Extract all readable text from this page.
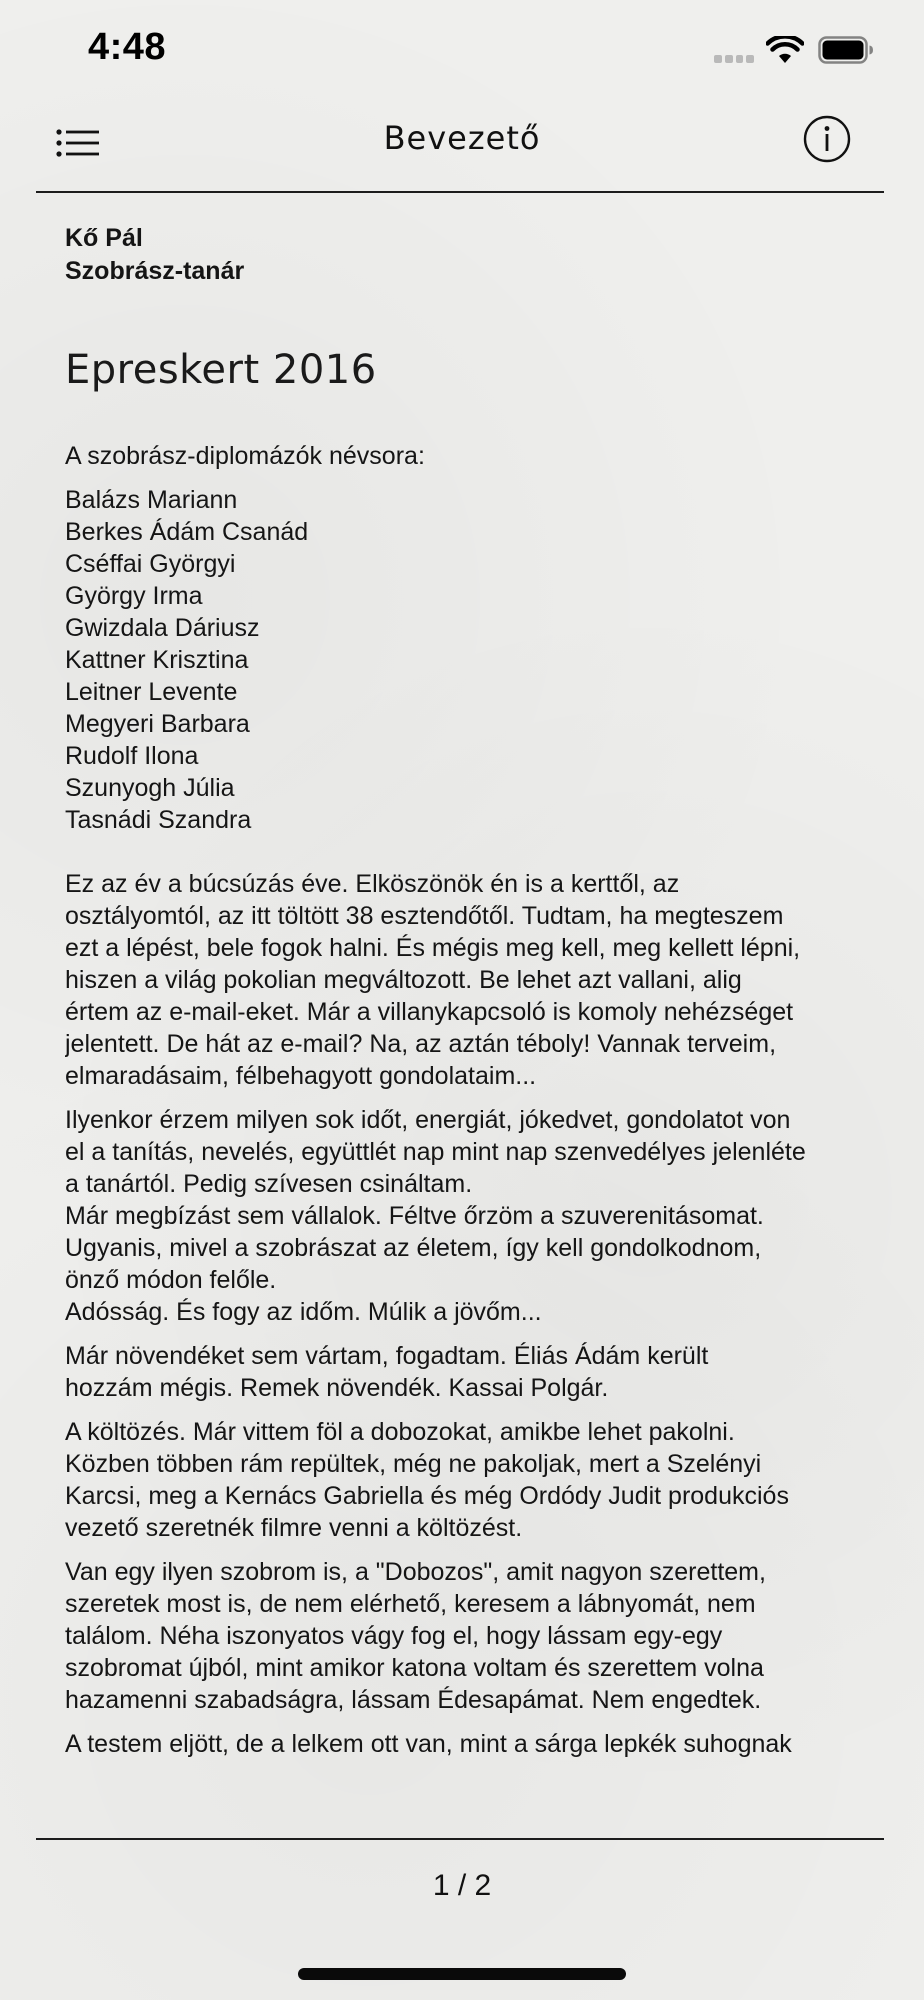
4:48
Bevezető
Kő Pál
Szobrász-tanár
Epreskert 2016
A szobrász-diplomázók névsora:
Balázs Mariann
Berkes Ádám Csanád
Cséffai Györgyi
György Irma
Gwizdala Dáriusz
Kattner Krisztina
Leitner Levente
Megyeri Barbara
Rudolf Ilona
Szunyogh Júlia
Tasnádi Szandra

Ez az év a búcsúzás éve. Elköszönök én is a kerttől, az
osztályomtól, az itt töltött 38 esztendőtől. Tudtam, ha megteszem
ezt a lépést, bele fogok halni. És mégis meg kell, meg kellett lépni,
hiszen a világ pokolian megváltozott. Be lehet azt vallani, alig
értem az e-mail-eket. Már a villanykapcsoló is komoly nehézséget
jelentett. De hát az e-mail? Na, az aztán téboly! Vannak terveim,
elmaradásaim, félbehagyott gondolataim...

Ilyenkor érzem milyen sok időt, energiát, jókedvet, gondolatot von
el a tanítás, nevelés, együttlét nap mint nap szenvedélyes jelenléte
a tanártól. Pedig szívesen csináltam.
Már megbízást sem vállalok. Féltve őrzöm a szuverenitásomat.
Ugyanis, mivel a szobrászat az életem, így kell gondolkodnom,
önző módon felőle.
Adósság. És fogy az időm. Múlik a jövőm...

Már növendéket sem vártam, fogadtam. Éliás Ádám került
hozzám mégis. Remek növendék. Kassai Polgár.

A költözés. Már vittem föl a dobozokat, amikbe lehet pakolni.
Közben többen rám repültek, még ne pakoljak, mert a Szelényi
Karcsi, meg a Kernács Gabriella és még Ordódy Judit produkciós
vezető szeretnék filmre venni a költözést.

Van egy ilyen szobrom is, a "Dobozos", amit nagyon szerettem,
szeretek most is, de nem elérhető, keresem a lábnyomát, nem
találom. Néha iszonyatos vágy fog el, hogy lássam egy-egy
szobromat újból, mint amikor katona voltam és szerettem volna
hazamenni szabadságra, lássam Édesapámat. Nem engedtek.

A testem eljött, de a lelkem ott van, mint a sárga lepkék suhognak

1 / 2
